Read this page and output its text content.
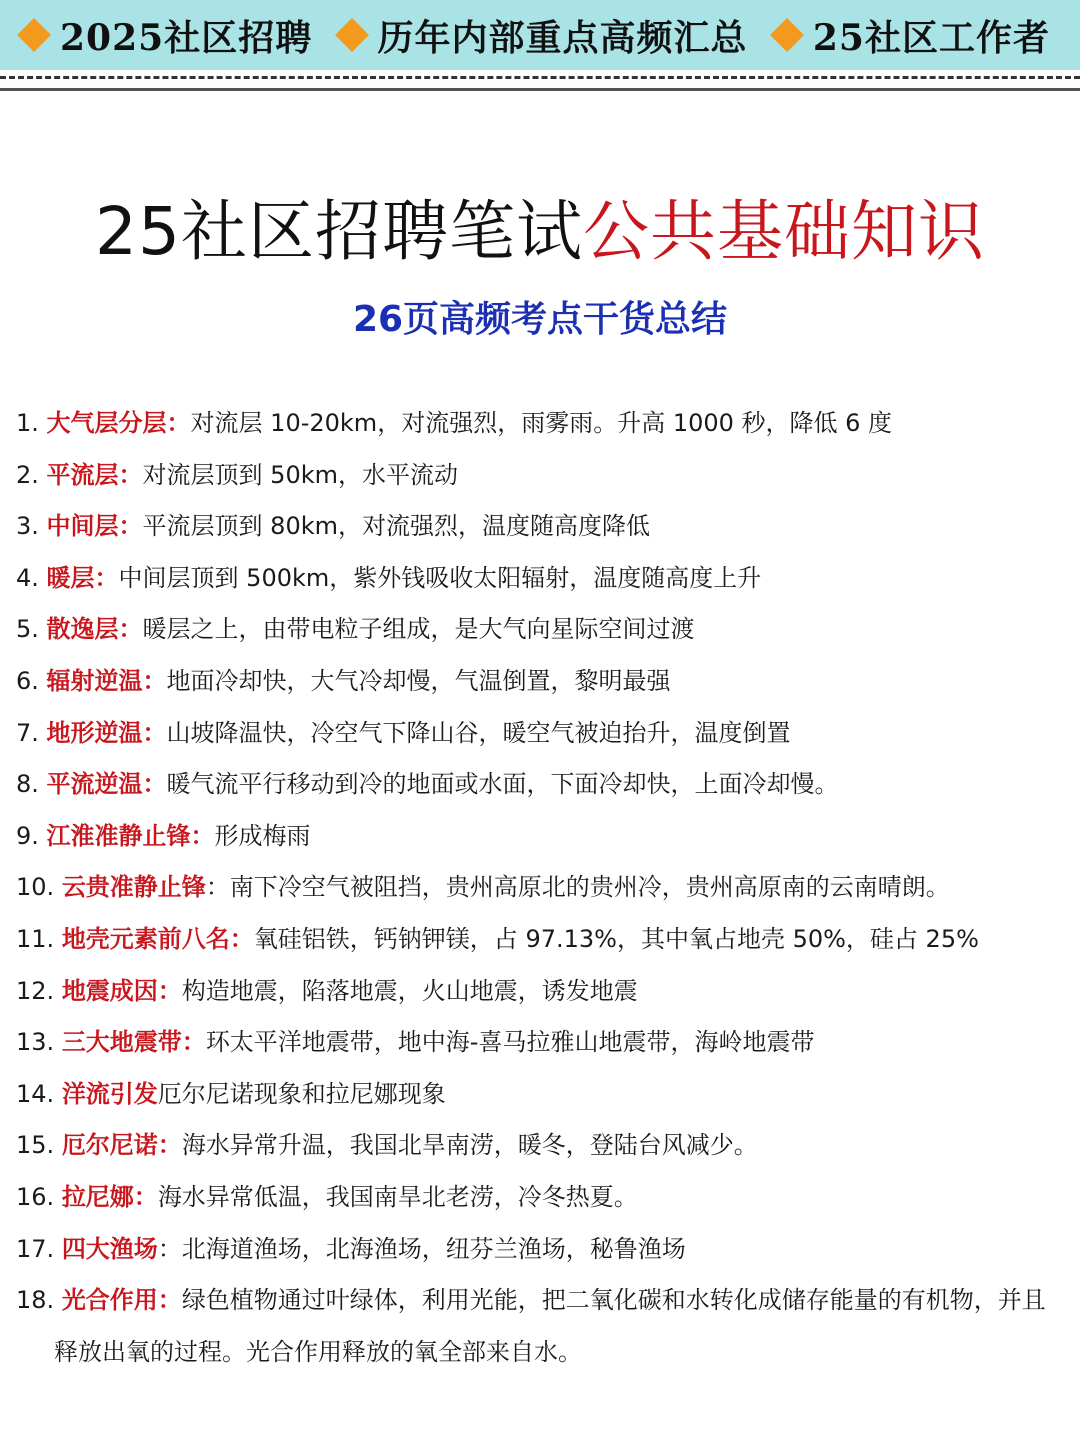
2025社区招聘 历年内部重点高频汇总 25社区工作者
25社区招聘笔试公共基础知识
26页高频考点干货总结
1. 大气层分层：对流层 10-20km，对流强烈，雨雾雨。升高 1000 秒，降低 6 度
2. 平流层：对流层顶到 50km，水平流动
3. 中间层：平流层顶到 80km，对流强烈，温度随高度降低
4. 暖层：中间层顶到 500km，紫外钱吸收太阳辐射，温度随高度上升
5. 散逸层：暖层之上，由带电粒子组成，是大气向星际空间过渡
6. 辐射逆温：地面冷却快，大气冷却慢，气温倒置，黎明最强
7. 地形逆温：山坡降温快，冷空气下降山谷，暖空气被迫抬升，温度倒置
8. 平流逆温：暖气流平行移动到冷的地面或水面，下面冷却快，上面冷却慢。
9. 江淮准静止锋：形成梅雨
10. 云贵准静止锋：南下冷空气被阻挡，贵州高原北的贵州冷，贵州高原南的云南晴朗。
11. 地壳元素前八名：氧硅铝铁，钙钠钾镁，占 97.13%，其中氧占地壳 50%，硅占 25%
12. 地震成因：构造地震，陷落地震，火山地震，诱发地震
13. 三大地震带：环太平洋地震带，地中海-喜马拉雅山地震带，海岭地震带
14. 洋流引发厄尔尼诺现象和拉尼娜现象
15. 厄尔尼诺：海水异常升温，我国北旱南涝，暖冬，登陆台风减少。
16. 拉尼娜：海水异常低温，我国南旱北老涝，冷冬热夏。
17. 四大渔场：北海道渔场，北海渔场，纽芬兰渔场，秘鲁渔场
18. 光合作用：绿色植物通过叶绿体，利用光能，把二氧化碳和水转化成储存能量的有机物，并且释放出氧的过程。光合作用释放的氧全部来自水。
